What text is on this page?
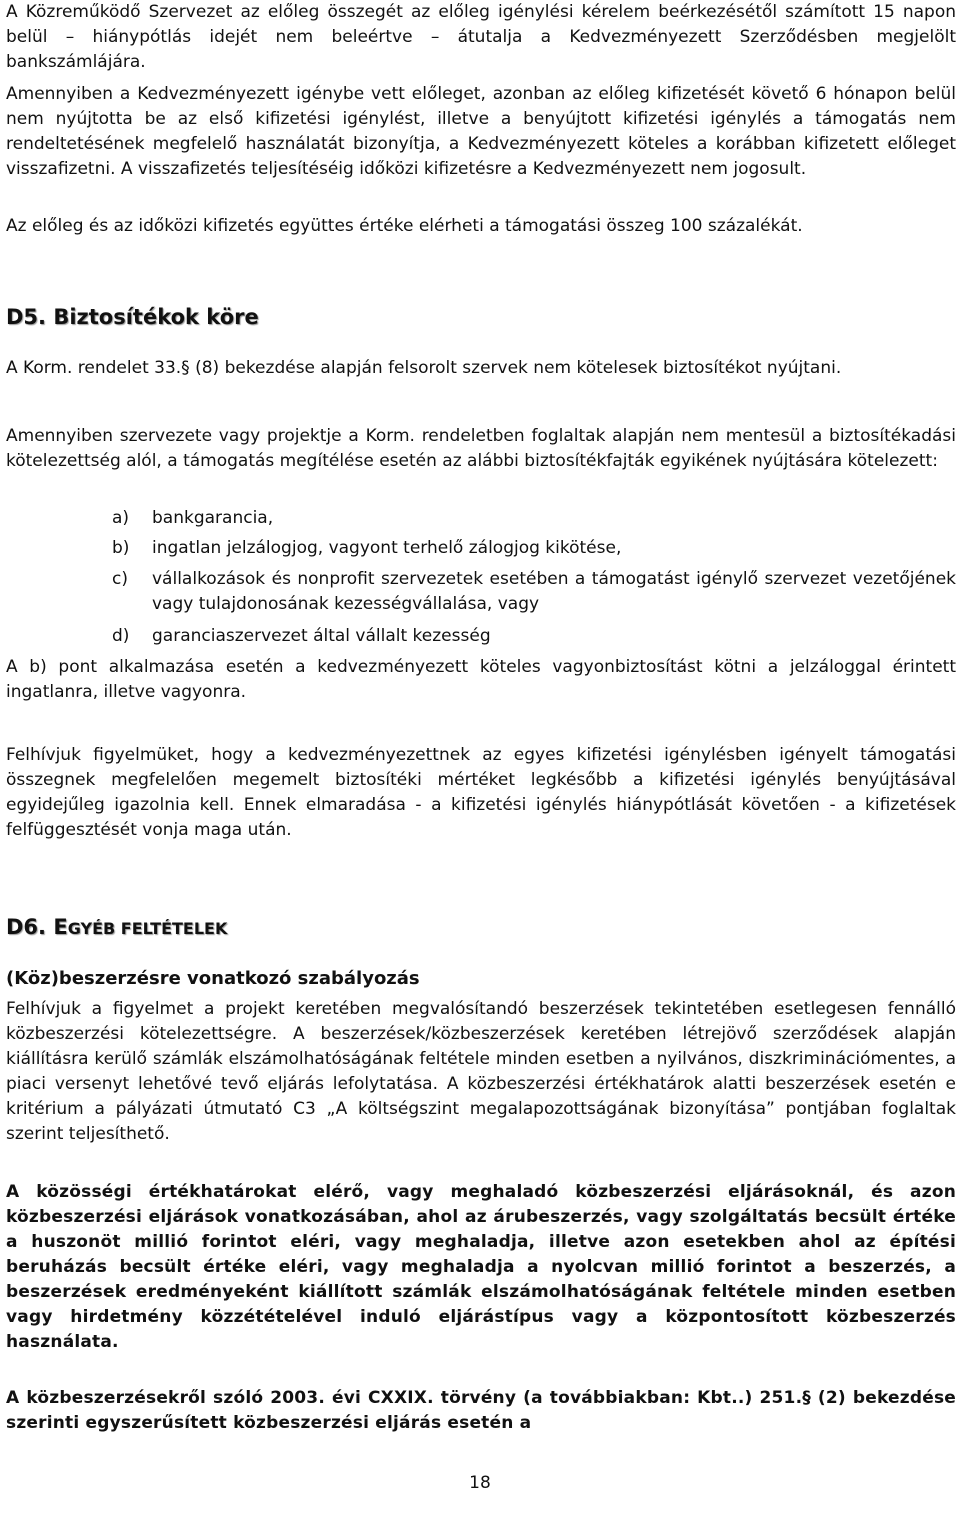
A Közreműködő Szervezet az előleg összegét az előleg igénylési kérelem beérkezésétől számított 15 napon belül – hiánypótlás idejét nem beleértve – átutalja a Kedvezményezett Szerződésben megjelölt bankszámlájára.

Amennyiben a Kedvezményezett igénybe vett előleget, azonban az előleg kifizetését követő 6 hónapon belül nem nyújtotta be az első kifizetési igénylést, illetve a benyújtott kifizetési igénylés a támogatás nem rendeltetésének megfelelő használatát bizonyítja, a Kedvezményezett köteles a korábban kifizetett előleget visszafizetni. A visszafizetés teljesítéséig időközi kifizetésre a Kedvezményezett nem jogosult.

Az előleg és az időközi kifizetés együttes értéke elérheti a támogatási összeg 100 százalékát.

D5. Biztosítékok köre

A Korm. rendelet 33.§ (8) bekezdése alapján felsorolt szervek nem kötelesek biztosítékot nyújtani.

Amennyiben szervezete vagy projektje a Korm. rendeletben foglaltak alapján nem mentesül a biztosítékadási kötelezettség alól, a támogatás megítélése esetén az alábbi biztosítékfajták egyikének nyújtására kötelezett:

a)	bankgarancia,
b)	ingatlan jelzálogjog, vagyont terhelő zálogjog kikötése,
c)	vállalkozások és nonprofit szervezetek esetében a támogatást igénylő szervezet vezetőjének vagy tulajdonosának kezességvállalása, vagy
d)	garanciaszervezet által vállalt kezesség

A b) pont alkalmazása esetén a kedvezményezett köteles vagyonbiztosítást kötni a jelzáloggal érintett ingatlanra, illetve vagyonra.

Felhívjuk figyelmüket, hogy a kedvezményezettnek az egyes kifizetési igénylésben igényelt támogatási összegnek megfelelően megemelt biztosítéki mértéket legkésőbb a kifizetési igénylés benyújtásával egyidejűleg igazolnia kell. Ennek elmaradása - a kifizetési igénylés hiánypótlását követően - a kifizetések felfüggesztését vonja maga után.

D6. EGYÉB FELTÉTELEK
(Köz)beszerzésre vonatkozó szabályozás

Felhívjuk a figyelmet a projekt keretében megvalósítandó beszerzések tekintetében esetlegesen fennálló közbeszerzési kötelezettségre. A beszerzések/közbeszerzések keretében létrejövő szerződések alapján kiállításra kerülő számlák elszámolhatóságának feltétele minden esetben a nyilvános, diszkriminációmentes, a piaci versenyt lehetővé tevő eljárás lefolytatása. A közbeszerzési értékhatárok alatti beszerzések esetén e kritérium a pályázati útmutató C3 „A költségszint megalapozottságának bizonyítása” pontjában foglaltak szerint teljesíthető.

A közösségi értékhatárokat elérő, vagy meghaladó közbeszerzési eljárásoknál, és azon közbeszerzési eljárások vonatkozásában, ahol az árubeszerzés, vagy szolgáltatás becsült értéke a huszonöt millió forintot eléri, vagy meghaladja, illetve azon esetekben ahol az építési beruházás becsült értéke eléri, vagy meghaladja a nyolcvan millió forintot a beszerzés, a beszerzések eredményeként kiállított számlák elszámolhatóságának feltétele minden esetben vagy hirdetmény közzétételével induló eljárástípus vagy a központosított közbeszerzés használata.

A közbeszerzésekről szóló 2003. évi CXXIX. törvény (a továbbiakban: Kbt..) 251.§ (2) bekezdése szerinti egyszerűsített közbeszerzési eljárás esetén a

18
